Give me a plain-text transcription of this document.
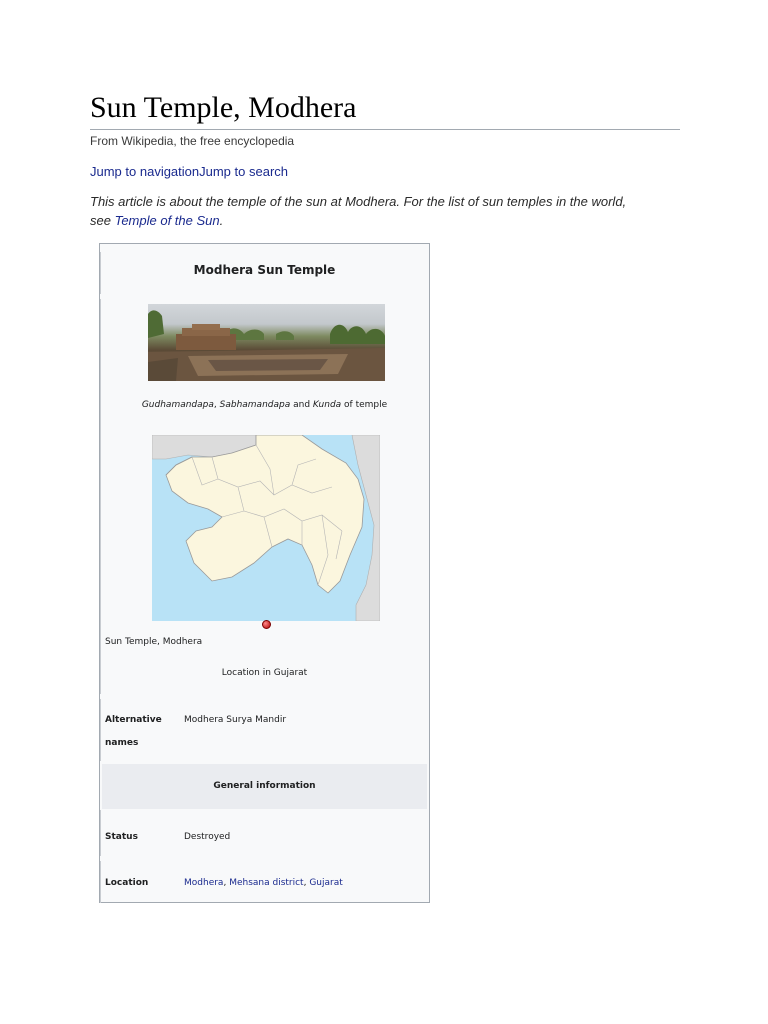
Sun Temple, Modhera
From Wikipedia, the free encyclopedia
Jump to navigationJump to search
This article is about the temple of the sun at Modhera. For the list of sun temples in the world, see Temple of the Sun.
Modhera Sun Temple
Gudhamandapa, Sabhamandapa and Kunda of temple
Sun Temple, Modhera
Location in Gujarat
Alternative
names
Modhera Surya Mandir
General information
Status	Destroyed
Location	Modhera, Mehsana district, Gujarat
